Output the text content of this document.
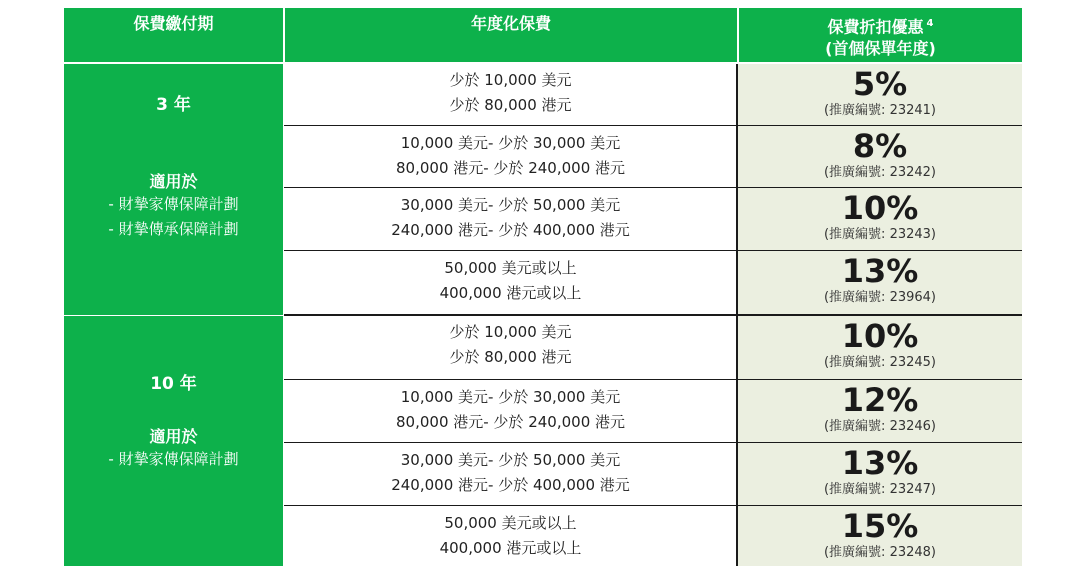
保費繳付期	年度化保費	保費折扣優惠 $^4$
(首個保單年度)
3 年
適用於
- 財摯家傳保障計劃
- 財摯傳承保障計劃
10 年
適用於
- 財摯家傳保障計劃
少於 10,000 美元
少於 80,000 港元
10,000 美元- 少於 30,000 美元
80,000 港元- 少於 240,000 港元
30,000 美元- 少於 50,000 美元
240,000 港元- 少於 400,000 港元
50,000 美元或以上
400,000 港元或以上
少於 10,000 美元
少於 80,000 港元
10,000 美元- 少於 30,000 美元
80,000 港元- 少於 240,000 港元
30,000 美元- 少於 50,000 美元
240,000 港元- 少於 400,000 港元
50,000 美元或以上
400,000 港元或以上
5%
(推廣編號: 23241)
8%
(推廣編號: 23242)
10%
(推廣編號: 23243)
13%
(推廣編號: 23964)
10%
(推廣編號: 23245)
12%
(推廣編號: 23246)
13%
(推廣編號: 23247)
15%
(推廣編號: 23248)
